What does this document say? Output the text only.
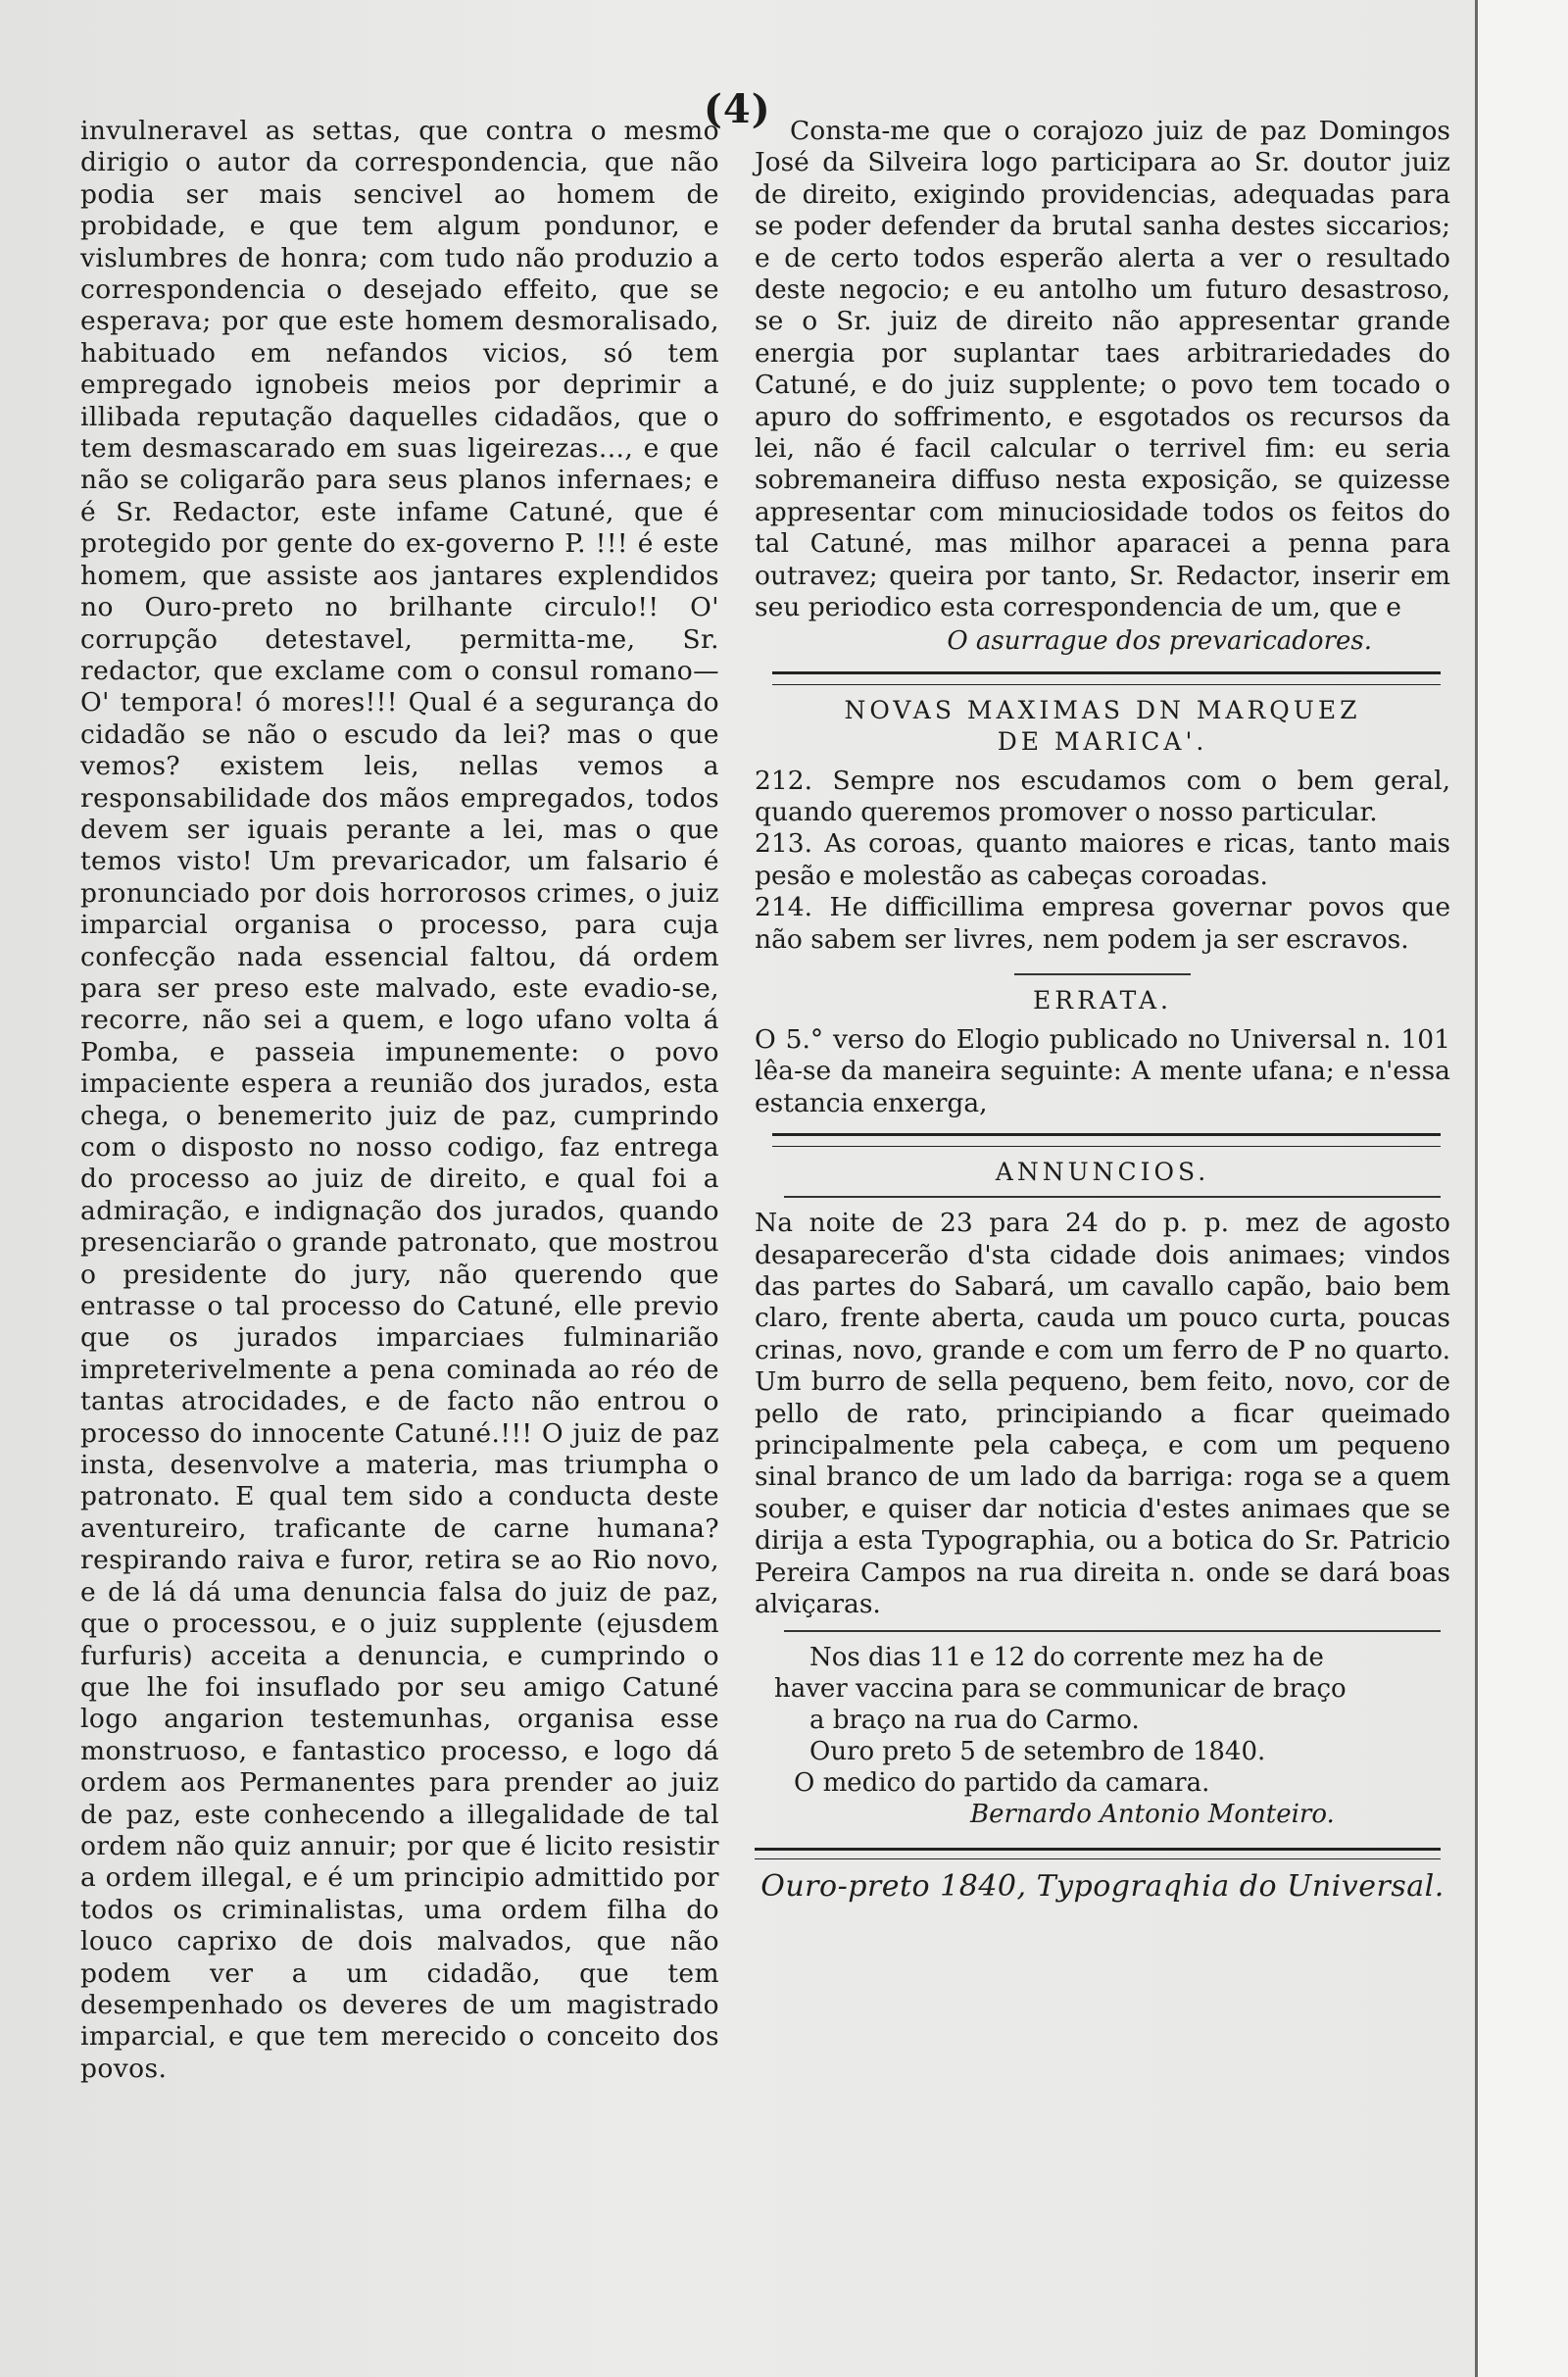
(4)

invulneravel as settas, que contra o mesmo dirigio o autor da correspondencia, que não podia ser mais sencivel ao homem de probidade, e que tem algum pondunor, e vislumbres de honra; com tudo não produzio a correspondencia o desejado effeito, que se esperava; por que este homem desmoralisado, habituado em nefandos vicios, só tem empregado ignobeis meios por deprimir a illibada reputação daquelles cidadãos, que o tem desmascarado em suas ligeirezas..., e que não se coligarão para seus planos infernaes; e é Sr. Redactor, este infame Catuné, que é protegido por gente do ex-governo P. !!! é este homem, que assiste aos jantares explendidos no Ouro-preto no brilhante circulo!! O' corrupção detestavel, permitta-me, Sr. redactor, que exclame com o consul romano— O' tempora! ó mores!!! Qual é a segurança do cidadão se não o escudo da lei? mas o que vemos? existem leis, nellas vemos a responsabilidade dos mãos empregados, todos devem ser iguais perante a lei, mas o que temos visto! Um prevaricador, um falsario é pronunciado por dois horrorosos crimes, o juiz imparcial organisa o processo, para cuja confecção nada essencial faltou, dá ordem para ser preso este malvado, este evadio-se, recorre, não sei a quem, e logo ufano volta á Pomba, e passeia impunemente: o povo impaciente espera a reunião dos jurados, esta chega, o benemerito juiz de paz, cumprindo com o disposto no nosso codigo, faz entrega do processo ao juiz de direito, e qual foi a admiração, e indignação dos jurados, quando presenciarão o grande patronato, que mostrou o presidente do jury, não querendo que entrasse o tal processo do Catuné, elle previo que os jurados imparciaes fulminarião impreterivelmente a pena cominada ao réo de tantas atrocidades, e de facto não entrou o processo do innocente Catuné.!!! O juiz de paz insta, desenvolve a materia, mas triumpha o patronato. E qual tem sido a conducta deste aventureiro, traficante de carne humana? respirando raiva e furor, retira se ao Rio novo, e de lá dá uma denuncia falsa do juiz de paz, que o processou, e o juiz supplente (ejusdem furfuris) acceita a denuncia, e cumprindo o que lhe foi insuflado por seu amigo Catuné logo angarion testemunhas, organisa esse monstruoso, e fantastico processo, e logo dá ordem aos Permanentes para prender ao juiz de paz, este conhecendo a illegalidade de tal ordem não quiz annuir; por que é licito resistir a ordem illegal, e é um principio admittido por todos os criminalistas, uma ordem filha do louco caprixo de dois malvados, que não podem ver a um cidadão, que tem desempenhado os deveres de um magistrado imparcial, e que tem merecido o conceito dos povos.

Consta-me que o corajozo juiz de paz Domingos José da Silveira logo participara ao Sr. doutor juiz de direito, exigindo providencias, adequadas para se poder defender da brutal sanha destes siccarios; e de certo todos esperão alerta a ver o resultado deste negocio; e eu antolho um futuro desastroso, se o Sr. juiz de direito não appresentar grande energia por suplantar taes arbitrariedades do Catuné, e do juiz supplente; o povo tem tocado o apuro do soffrimento, e esgotados os recursos da lei, não é facil calcular o terrivel fim: eu seria sobremaneira diffuso nesta exposição, se quizesse appresentar com minuciosidade todos os feitos do tal Catuné, mas milhor aparacei a penna para outravez; queira por tanto, Sr. Redactor, inserir em seu periodico esta correspondencia de um, que e

O asurrague dos prevaricadores.
NOVAS MAXIMAS DN MARQUEZ
DE MARICA'.

212. Sempre nos escudamos com o bem geral, quando queremos promover o nosso particular.

213. As coroas, quanto maiores e ricas, tanto mais pesão e molestão as cabeças coroadas.

214. He difficillima empresa governar povos que não sabem ser livres, nem podem ja ser escravos.

ERRATA.

O 5.° verso do Elogio publicado no Universal n. 101 lêa-se da maneira seguinte: A mente ufana; e n'essa estancia enxerga,

ANNUNCIOS.

Na noite de 23 para 24 do p. p. mez de agosto desaparecerão d'sta cidade dois animaes; vindos das partes do Sabará, um cavallo capão, baio bem claro, frente aberta, cauda um pouco curta, poucas crinas, novo, grande e com um ferro de P no quarto. Um burro de sella pequeno, bem feito, novo, cor de pello de rato, principiando a ficar queimado principalmente pela cabeça, e com um pequeno sinal branco de um lado da barriga: roga se a quem souber, e quiser dar noticia d'estes animaes que se dirija a esta Typographia, ou a botica do Sr. Patricio Pereira Campos na rua direita n. onde se dará boas alviçaras.

Nos dias 11 e 12 do corrente mez ha de
haver vaccina para se communicar de braço
a braço na rua do Carmo.
Ouro preto 5 de setembro de 1840.
O medico do partido da camara.
Bernardo Antonio Monteiro.
Ouro-preto 1840, Typograqhia do Universal.
